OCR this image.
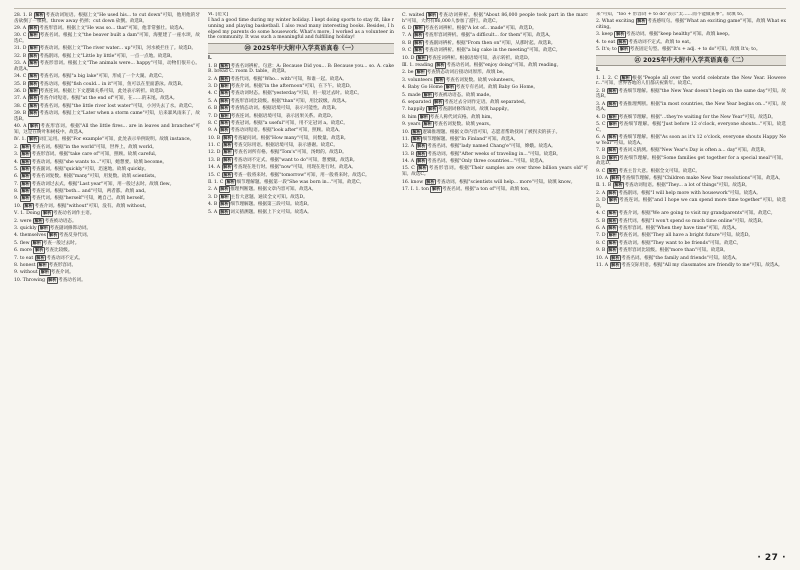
28. 1. B 解析 考查动词短语。根据上文"He used his... to cut down"可知，他用他的牙齿砍倒了一棵树。throw away 扔掉；cut down 砍倒。故选B。

29. A 解析 考查形容词。根据上文"He was so... that"可知，他非常强壮。故选A。

30. C 解析 考查名词。根据上文"the beaver built a dam"可知，海狸建了一座水坝，故选C。

31. D 解析 考查动词。根据上文"The river water... up"可知，河水被拦住了。故选D。

32. B 解析 考查副词。根据上文"Little by little"可知，一点一点地。故选B。

33. A 解析 考查形容词。根据上文"The animals were... happy"可知，动物们很开心。故选A。

34. C 解析 考查名词。根据"a big lake"可知，形成了一个大湖。故选C。

35. B 解析 考查动词。根据"fish could... in it"可知，鱼可以在里面游泳。故选B。

36. D 解析 考查连词。根据上下文逻辑关系可知，此处表示转折。故选D。

37. A 解析 考查介词短语。根据"at the end of"可知，在……的末尾。故选A。

38. C 解析 考查名词。根据"the little river lost water"可知，小河失去了水。故选C。

39. B 解析 考查动词。根据上文"Later when a storm came"可知，后来暴风雨来了，故选B。

40. A 解析 考查形容词。根据"All the little fires... are in leaves and branches"可知，这是在树叶和树枝中。故选A。

Ⅳ. 1. 解析 词汇运用。根据"For example"可知，此处表示举例说明。故填 instance。

2. 解析 考查名词。根据"in the world"可知，世界上。故填 world。

3. 解析 考查形容词。根据"take care of"可知，照顾。故填 careful。

4. 解析 考查动词。根据"she wants to..."可知，她想要。故填 become。

5. 解析 考查副词。根据"quickly"可知，迅速地。故填 quickly。

6. 解析 考查名词复数。根据"many"可知，用复数。故填 scientists。

7. 解析 考查动词过去式。根据"Last year"可知，用一般过去时。故填 flew。

8. 解析 考查连词。根据"both... and"可知，两者都。故填 and。

9. 解析 考查代词。根据"herself"可知，她自己。故填 herself。

10. 解析 考查介词。根据"without"可知，没有。故填 without。

Ⅴ. 1. Doing 解析 考查动名词作主语。

2. were 解析 考查被动语态。

3. quickly 解析 考查副词修饰动词。

4. themselves 解析 考查反身代词。

5. flew 解析 考查一般过去时。

6. more 解析 考查比较级。

7. to eat 解析 考查动词不定式。

8. honest 解析 考查形容词。

9. without 解析 考查介词。

10. Throwing 解析 考查动名词。

Ⅵ. [范文]

I had a good time during my winter holiday. I kept doing sports to stay fit, like running and playing basketball. I also read many interesting books. Besides, I helped my parents do some housework. What's more, I worked as a volunteer in the community. It was such a meaningful and fulfilling holiday!

⑳ 2025年中大附中入学英语真卷（一）
Ⅰ.

1. B 解析 考查名词辨析。句意：A: Because Did you... B: Because you... so. A. cake B. bread C. room D. table，故选B。

2. A 解析 考查代词。根据"Who... with"可知，和谁一起。故选A。

3. D 解析 考查介词。根据"in the afternoon"可知，在下午。故选D。

4. C 解析 考查动词时态。根据"yesterday"可知，用一般过去时。故选C。

5. A 解析 考查形容词比较级。根据"than"可知，用比较级。故选A。

6. B 解析 考查情态动词。根据语境可知，表示可能性。故选B。

7. D 解析 考查连词。根据语境可知，表示因果关系。故选D。

8. C 解析 考查冠词。根据"a useful"可知，用不定冠词 a。故选C。

9. A 解析 考查动词短语。根据"look after"可知，照顾。故选A。

10. B 解析 考查疑问词。根据"How many"可知，问数量。故选B。

11. C 解析 考查交际用语。根据语境可知，表示感谢。故选C。

12. D 解析 考查名词所有格。根据"Tom's"可知，汤姆的。故选D。

13. B 解析 考查动词不定式。根据"want to do"可知，想要做。故选B。

14. A 解析 考查现在进行时。根据"now"可知，用现在进行时。故选A。

15. C 解析 考查一般将来时。根据"tomorrow"可知，用一般将来时。故选C。

Ⅱ. 1. C 解析 细节理解题。根据第一段"She was born in..."可知。故选C。

2. A 解析 推理判断题。根据文章内容可知。故选A。

3. D 解析 主旨大意题。通读全文可知。故选D。

4. B 解析 细节理解题。根据第三段可知。故选B。

5. A 解析 词义猜测题。根据上下文可知。故选A。

C. waited 解析 考查动词辨析。根据"About 86,000 people took part in the march"可知，大约有86,000人参加了游行。故选C。

6. D 解析 考查名词辨析。根据"A lot of... made"可知。故选D。

7. A 解析 考查形容词辨析。根据"a difficult... for them"可知。故选A。

8. B 解析 考查副词辨析。根据"From then on"可知，从那时起。故选B。

9. C 解析 考查动词辨析。根据"a big cake in the meeting"可知。故选C。

10. D 解析 考查连词辨析。根据语境可知，表示转折。故选D。

Ⅲ. 1. reading 解析 考查动名词。根据"enjoy doing"可知。故填 reading。

2. be 解析 考查情态动词后接动词原形。故填 be。

3. volunteers 解析 考查名词复数。故填 volunteers。

4. Baby Go Home 解析 考查专有名词。故填 Baby Go Home。

5. made 解析 考查被动语态。故填 made。

6. separated 解析 考查过去分词作定语。故填 separated。

7. happily 解析 考查副词修饰动词。故填 happily。

8. him 解析 考查人称代词宾格。故填 him。

9. years 解析 考查名词复数。故填 years。

10. 解析 逻辑推理题。根据文章内容可知，志愿者帮助找回了被拐卖的孩子。

11. 解析 细节理解题。根据"In Finland"可知。故选A。

12. A 解析 考查名词。根据"lady named Chang'e"可知，嫦娥。故选A。

13. B 解析 考查动词。根据"After weeks of traveling in..."可知。故选B。

14. A 解析 考查名词。根据"Only three countries..."可知。故选A。

15. C 解析 考查形容词。根据"Their samples are over three billion years old"可知。故选C。

16. know 解析 考查动词。根据"scientists will help... more"可知。故填 know。

17. I. 1. ton 解析 考查名词。根据"a ton of"可知。故填 ton。

来"可知，"too + 形容词 + to do"表示"太……而不能做某事"。故填 to。

2. What exciting 解析 考查感叹句。根据"What an exciting game"可知。故填 What exciting。

3. keep 解析 考查动词。根据"keep healthy"可知。故填 keep。

4. to eat 解析 考查动词不定式。故填 to eat。

5. It's; to 解析 考查固定句型。根据"It's + adj. + to do"可知。故填 It's; to。

㉑ 2025年中大附中入学英语真卷（二）
Ⅰ.

1. I. 2. C 解析 根据"People all over the world celebrate the New Year. However..."可知，世界各地的人们都庆祝新年。故选C。

2. B 解析 考查细节理解。根据"the New Year doesn't begin on the same day"可知。故选B。

3. A 解析 考查推理判断。根据"in most countries, the New Year begins on..."可知。故选A。

4. D 解析 考查细节理解。根据"...they're waiting for the New Year"可知。故选D。

5. C 解析 考查细节理解。根据"Just before 12 o'clock, everyone shouts..."可知。故选C。

6. A 解析 考查细节理解。根据"As soon as it's 12 o'clock, everyone shouts Happy New Year"可知。故选A。

7. B 解析 考查词义猜测。根据"New Year's Day is often a... day"可知。故选B。

8. D 解析 考查细节理解。根据"Some families get together for a special meal"可知。故选D。

9. C 解析 考查主旨大意。根据全文可知。故选C。

10. A 解析 考查细节理解。根据"Children make New Year resolutions"可知。故选A。

Ⅱ. 1. B 解析 考查动词短语。根据"They... a lot of things"可知。故选B。

2. A 解析 考查副词。根据"I will help more with housework"可知。故选A。

3. D 解析 考查连词。根据"and I hope we can spend more time together"可知。故选D。

4. C 解析 考查介词。根据"We are going to visit my grandparents"可知。故选C。

5. B 解析 考查代词。根据"I won't spend so much time online"可知。故选B。

6. A 解析 考查形容词。根据"When they have time"可知。故选A。

7. D 解析 考查名词。根据"They all have a bright future"可知。故选D。

8. C 解析 考查动词。根据"They want to be friends"可知。故选C。

9. B 解析 考查形容词比较级。根据"more than"可知。故选B。

10. A 解析 考查名词。根据"the family and friends"可知。故选A。

11. A 解析 考查交际用语。根据"All my classmates are friendly to me"可知。故选A。

· 27 ·
